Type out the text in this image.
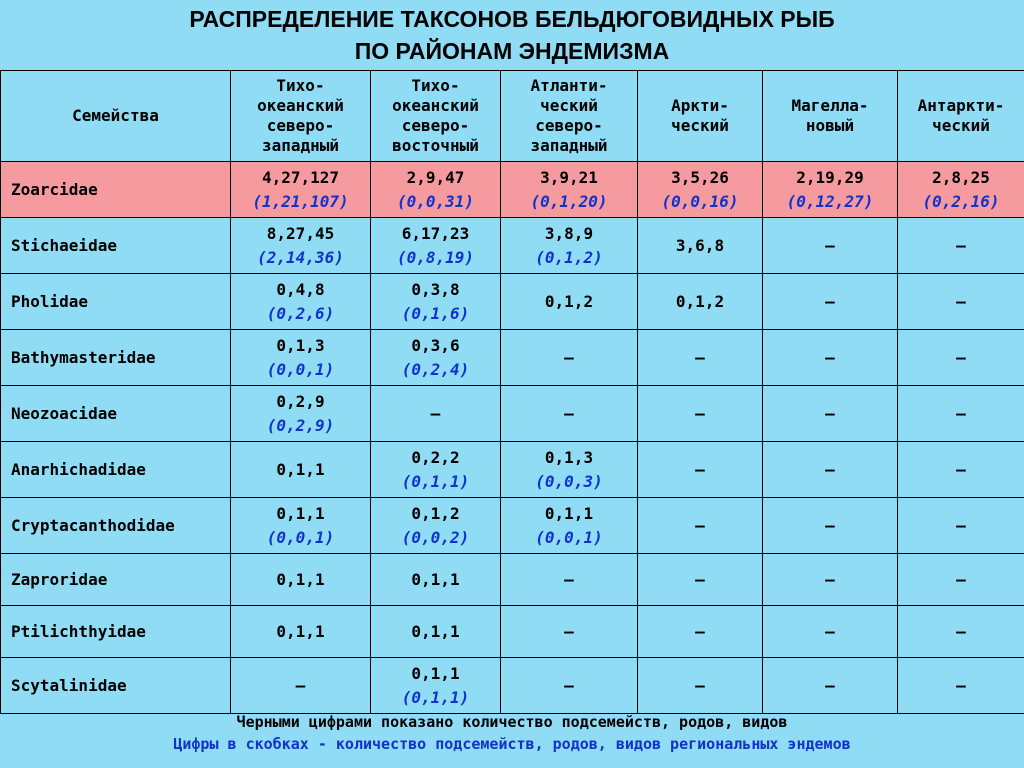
РАСПРЕДЕЛЕНИЕ ТАКСОНОВ БЕЛЬДЮГОВИДНЫХ РЫБ
ПО РАЙОНАМ ЭНДЕМИЗМА
Семейства	Тихо-
океанский
северо-
западный	Тихо-
океанский
северо-
восточный	Атланти-
ческий
северо-
западный	Аркти-
ческий	Магелла-
новый	Антаркти-
ческий

Zoarcidae	4,27,127
(1,21,107)	2,9,47
(0,0,31)	3,9,21
(0,1,20)	3,5,26
(0,0,16)	2,19,29
(0,12,27)	2,8,25
(0,2,16)

Stichaeidae	8,27,45
(2,14,36)	6,17,23
(0,8,19)	3,8,9
(0,1,2)	3,6,8	–	–

Pholidae	0,4,8
(0,2,6)	0,3,8
(0,1,6)	0,1,2	0,1,2	–	–

Bathymasteridae	0,1,3
(0,0,1)	0,3,6
(0,2,4)	–	–	–	–

Neozoacidae	0,2,9
(0,2,9)	–	–	–	–	–

Anarhichadidae	0,1,1	0,2,2
(0,1,1)	0,1,3
(0,0,3)	–	–	–

Cryptacanthodidae	0,1,1
(0,0,1)	0,1,2
(0,0,2)	0,1,1
(0,0,1)	–	–	–

Zaproridae	0,1,1	0,1,1	–	–	–	–

Ptilichthyidae	0,1,1	0,1,1	–	–	–	–

Scytalinidae	–	0,1,1
(0,1,1)	–	–	–	–
Черными цифрами показано количество подсемейств, родов, видов
Цифры в скобках - количество подсемейств, родов, видов региональных эндемов
